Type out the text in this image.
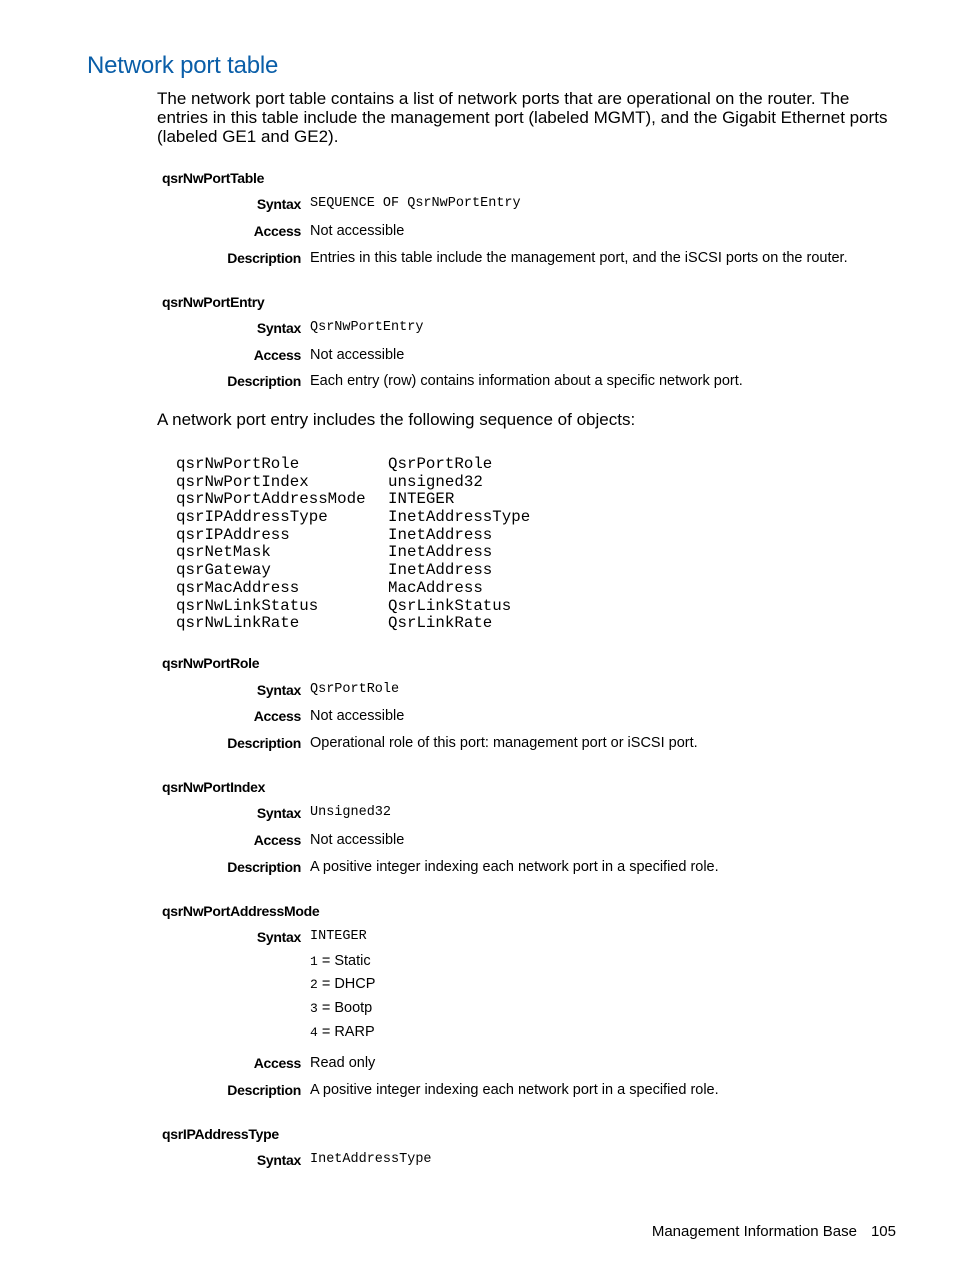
Network port table

The network port table contains a list of network ports that are operational on the router. The entries in this table include the management port (labeled MGMT), and the Gigabit Ethernet ports (labeled GE1 and GE2).

qsrNwPortTable
Syntax SEQUENCE OF QsrNwPortEntry
Access Not accessible
Description Entries in this table include the management port, and the iSCSI ports on the router.
qsrNwPortEntry
Syntax QsrNwPortEntry
Access Not accessible
Description Each entry (row) contains information about a specific network port.

A network port entry includes the following sequence of objects:

qsrNwPortRole	QsrPortRole
qsrNwPortIndex	unsigned32
qsrNwPortAddressMode INTEGER
qsrIPAddressType	InetAddressType
qsrIPAddress	InetAddress
qsrNetMask	InetAddress
qsrGateway	InetAddress
qsrMacAddress	MacAddress
qsrNwLinkStatus	QsrLinkStatus
qsrNwLinkRate	QsrLinkRate
qsrNwPortRole
Syntax QsrPortRole
Access Not accessible
Description Operational role of this port: management port or iSCSI port.
qsrNwPortIndex
Syntax Unsigned32
Access Not accessible
Description A positive integer indexing each network port in a specified role.
qsrNwPortAddressMode
Syntax INTEGER
1 = Static
2 = DHCP
3 = Bootp
4 = RARP
Access Read only
Description A positive integer indexing each network port in a specified role.
qsrIPAddressType
Syntax InetAddressType
Management Information Base 105
